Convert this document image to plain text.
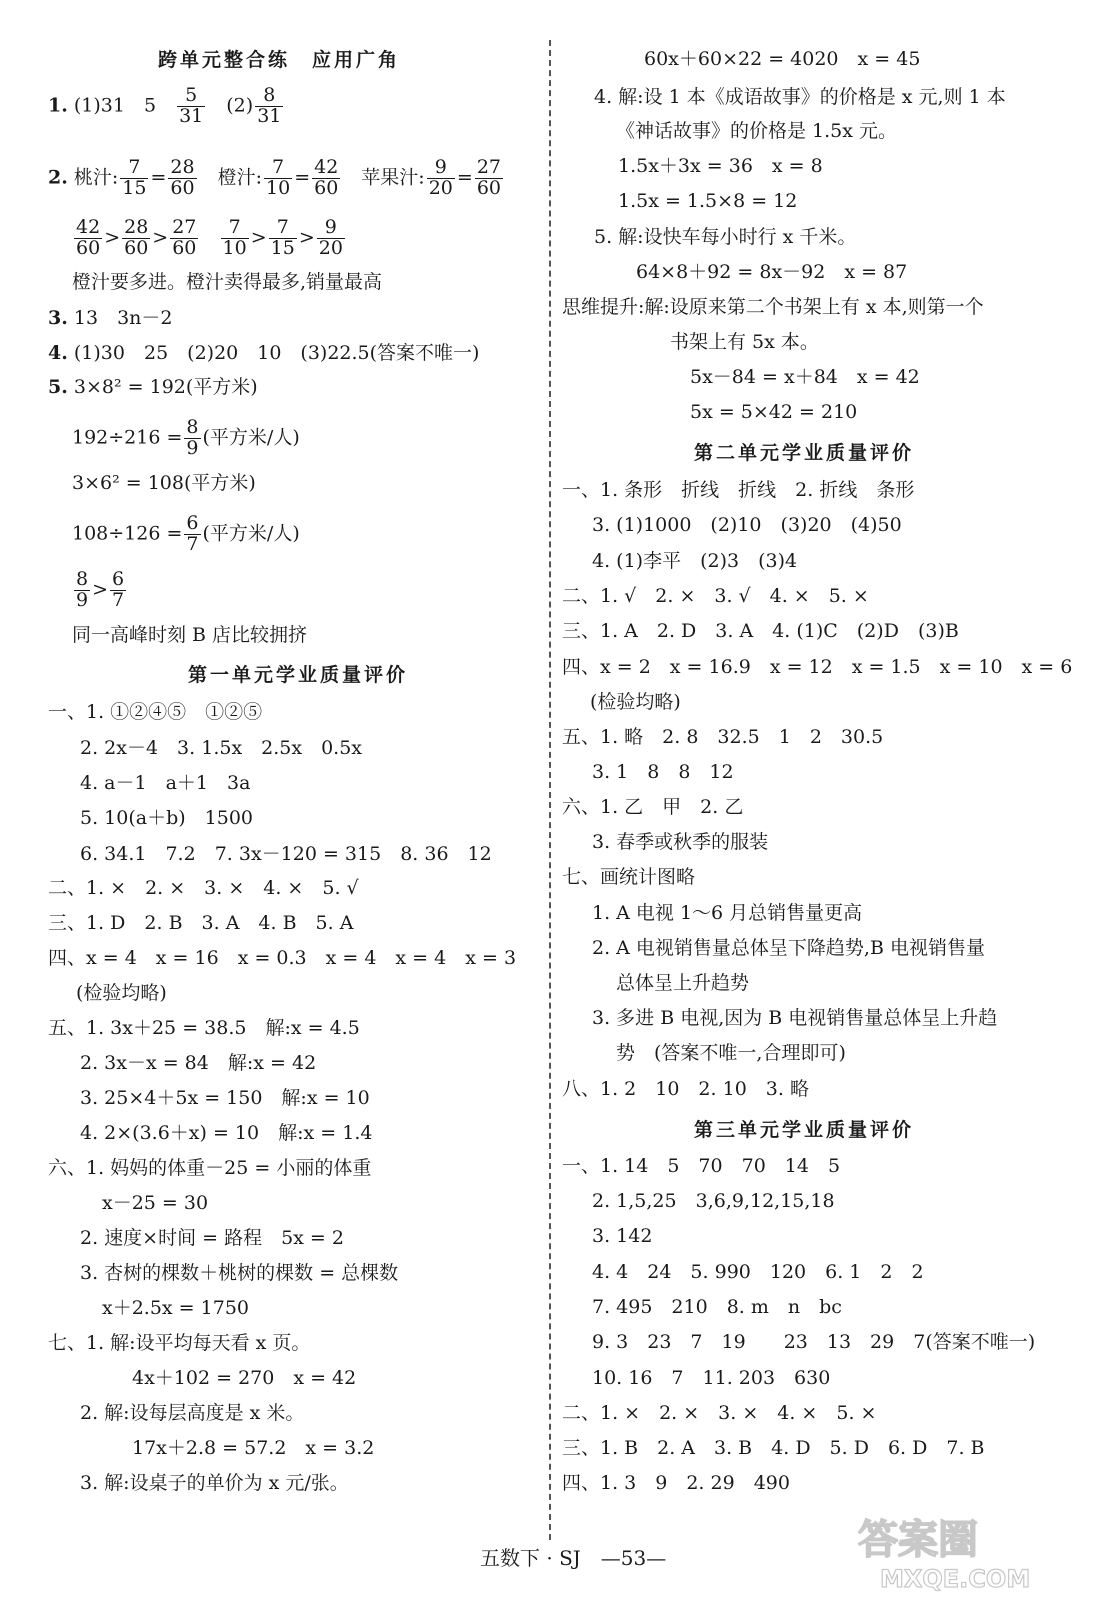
跨单元整合练　应用广角
1. (1)31　5　 $\frac{5}{31}$ 　$(2) \frac{8}{31}$
2. 桃汁: $\frac{7}{15} = \frac{28}{60}$ 　橙汁: $\frac{7}{10} = \frac{42}{60}$ 　苹果汁: $\frac{9}{20} = \frac{27}{60}$
$\frac{42}{60} > \frac{28}{60} > \frac{27}{60}$
$\frac{7}{10} > \frac{7}{15} > \frac{9}{20}$
橙汁要多进。橙汁卖得最多,销量最高
3. 13　3n－2
4. (1)30　25　(2)20　10　(3)22.5(答案不唯一)
5. 3×8² = 192(平方米)
$192\div 216 = \frac{8}{9}$ (平方米/人)
3×6² = 108(平方米)
$108\div 126 = \frac{6}{7}$ (平方米/人)
$\frac{8}{9} > \frac{6}{7}$
同一高峰时刻 B 店比较拥挤
第一单元学业质量评价
一、1. ①②④⑤　①②⑤
2. 2x－4　3. 1.5x　2.5x　0.5x
4. a－1　a＋1　3a
5. 10(a＋b)　1500
6. 34.1　7.2　7. 3x－120 = 315　8. 36　12
二、1. ×　2. ×　3. ×　4. ×　5. √
三、1. D　2. B　3. A　4. B　5. A
四、x = 4　x = 16　x = 0.3　x = 4　x = 4　x = 3
(检验均略)
五、1. 3x＋25 = 38.5　解:x = 4.5
2. 3x－x = 84　解:x = 42
3. 25×4＋5x = 150　解:x = 10
4. 2×(3.6＋x) = 10　解:x = 1.4
六、1. 妈妈的体重－25 = 小丽的体重
x－25 = 30
2. 速度×时间 = 路程　5x = 2
3. 杏树的棵数＋桃树的棵数 = 总棵数
x＋2.5x = 1750
七、1. 解:设平均每天看 x 页。
4x＋102 = 270　x = 42
2. 解:设每层高度是 x 米。
17x＋2.8 = 57.2　x = 3.2
3. 解:设桌子的单价为 x 元/张。
60x＋60×22 = 4020　x = 45
4. 解:设 1 本《成语故事》的价格是 x 元,则 1 本
《神话故事》的价格是 1.5x 元。
1.5x＋3x = 36　x = 8
1.5x = 1.5×8 = 12
5. 解:设快车每小时行 x 千米。
64×8＋92 = 8x－92　x = 87
思维提升:解:设原来第二个书架上有 x 本,则第一个
书架上有 5x 本。
5x－84 = x＋84　x = 42
5x = 5×42 = 210
第二单元学业质量评价
一、1. 条形　折线　折线　2. 折线　条形
3. (1)1000　(2)10　(3)20　(4)50
4. (1)李平　(2)3　(3)4
二、1. √　2. ×　3. √　4. ×　5. ×
三、1. A　2. D　3. A　4. (1)C　(2)D　(3)B
四、x = 2　x = 16.9　x = 12　x = 1.5　x = 10　x = 6
(检验均略)
五、1. 略　2. 8　32.5　1　2　30.5
3. 1　8　8　12
六、1. 乙　甲　2. 乙
3. 春季或秋季的服装
七、画统计图略
1. A 电视 1～6 月总销售量更高
2. A 电视销售量总体呈下降趋势,B 电视销售量
总体呈上升趋势
3. 多进 B 电视,因为 B 电视销售量总体呈上升趋
势　(答案不唯一,合理即可)
八、1. 2　10　2. 10　3. 略
第三单元学业质量评价
一、1. 14　5　70　70　14　5
2. 1,5,25　3,6,9,12,15,18
3. 142
4. 4　24　5. 990　120　6. 1　2　2
7. 495　210　8. m　n　bc
9. 3　23　7　19　　23　13　29　7(答案不唯一)
10. 16　7　11. 203　630
二、1. ×　2. ×　3. ×　4. ×　5. ×
三、1. B　2. A　3. B　4. D　5. D　6. D　7. B
四、1. 3　9　2. 29　490
五数下 · SJ　—53—	答案圈
MXQE.COM
